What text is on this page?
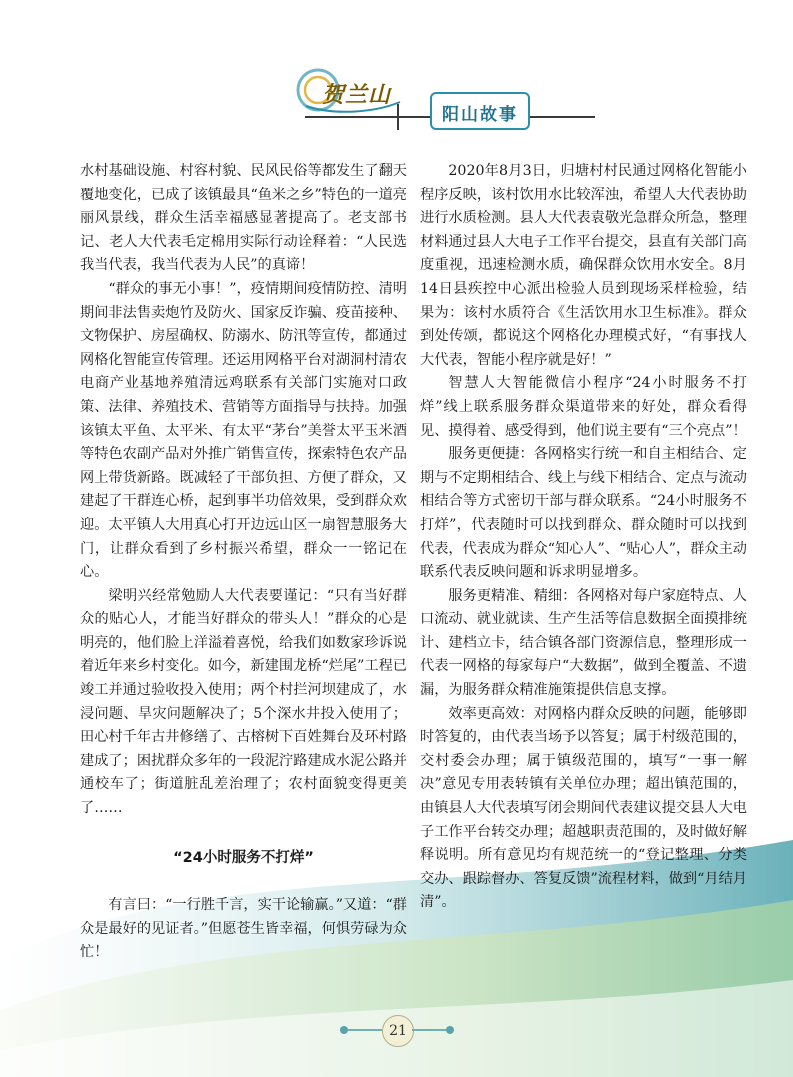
贺兰山
阳山故事

水村基础设施、村容村貌、民风民俗等都发生了翻天覆地变化，已成了该镇最具“鱼米之乡”特色的一道亮丽风景线，群众生活幸福感显著提高了。老支部书记、老人大代表毛定棉用实际行动诠释着：“人民选我当代表，我当代表为人民”的真谛！

“群众的事无小事！”，疫情期间疫情防控、清明期间非法售卖炮竹及防火、国家反诈骗、疫苗接种、文物保护、房屋确权、防溺水、防汛等宣传，都通过网格化智能宣传管理。还运用网格平台对湖洞村清农电商产业基地养殖清远鸡联系有关部门实施对口政策、法律、养殖技术、营销等方面指导与扶持。加强该镇太平鱼、太平米、有太平“茅台”美誉太平玉米酒等特色农副产品对外推广销售宣传，探索特色农产品网上带货新路。既减轻了干部负担、方便了群众，又建起了干群连心桥，起到事半功倍效果，受到群众欢迎。太平镇人大用真心打开边远山区一扇智慧服务大门，让群众看到了乡村振兴希望，群众一一铭记在心。

梁明兴经常勉励人大代表要谨记：“只有当好群众的贴心人，才能当好群众的带头人！”群众的心是明亮的，他们脸上洋溢着喜悦，给我们如数家珍诉说着近年来乡村变化。如今，新建围龙桥“烂尾”工程已竣工并通过验收投入使用；两个村拦河坝建成了，水浸问题、旱灾问题解决了；5个深水井投入使用了；田心村千年古井修缮了、古榕树下百姓舞台及环村路建成了；困扰群众多年的一段泥泞路建成水泥公路并通校车了；街道脏乱差治理了；农村面貌变得更美了……

“24小时服务不打烊”

有言曰：“一行胜千言，实干论输赢。”又道：“群众是最好的见证者。”但愿苍生皆幸福，何惧劳碌为众忙！

2020年8月3日，归塘村村民通过网格化智能小程序反映，该村饮用水比较浑浊，希望人大代表协助进行水质检测。县人大代表袁敬光急群众所急，整理材料通过县人大电子工作平台提交，县直有关部门高度重视，迅速检测水质，确保群众饮用水安全。8月14日县疾控中心派出检验人员到现场采样检验，结果为：该村水质符合《生活饮用水卫生标准》。群众到处传颂，都说这个网格化办理模式好，“有事找人大代表，智能小程序就是好！”

智慧人大智能微信小程序“24小时服务不打烊”线上联系服务群众渠道带来的好处，群众看得见、摸得着、感受得到，他们说主要有“三个亮点”！

服务更便捷：各网格实行统一和自主相结合、定期与不定期相结合、线上与线下相结合、定点与流动相结合等方式密切干部与群众联系。“24小时服务不打烊”，代表随时可以找到群众、群众随时可以找到代表，代表成为群众“知心人”、“贴心人”，群众主动联系代表反映问题和诉求明显增多。

服务更精准、精细：各网格对每户家庭特点、人口流动、就业就读、生产生活等信息数据全面摸排统计、建档立卡，结合镇各部门资源信息，整理形成一代表一网格的每家每户“大数据”，做到全覆盖、不遗漏，为服务群众精准施策提供信息支撑。

效率更高效：对网格内群众反映的问题，能够即时答复的，由代表当场予以答复；属于村级范围的，交村委会办理；属于镇级范围的，填写“一事一解决”意见专用表转镇有关单位办理；超出镇范围的，由镇县人大代表填写闭会期间代表建议提交县人大电子工作平台转交办理；超越职责范围的，及时做好解释说明。所有意见均有规范统一的“登记整理、分类交办、跟踪督办、答复反馈”流程材料，做到“月结月清”。

21
